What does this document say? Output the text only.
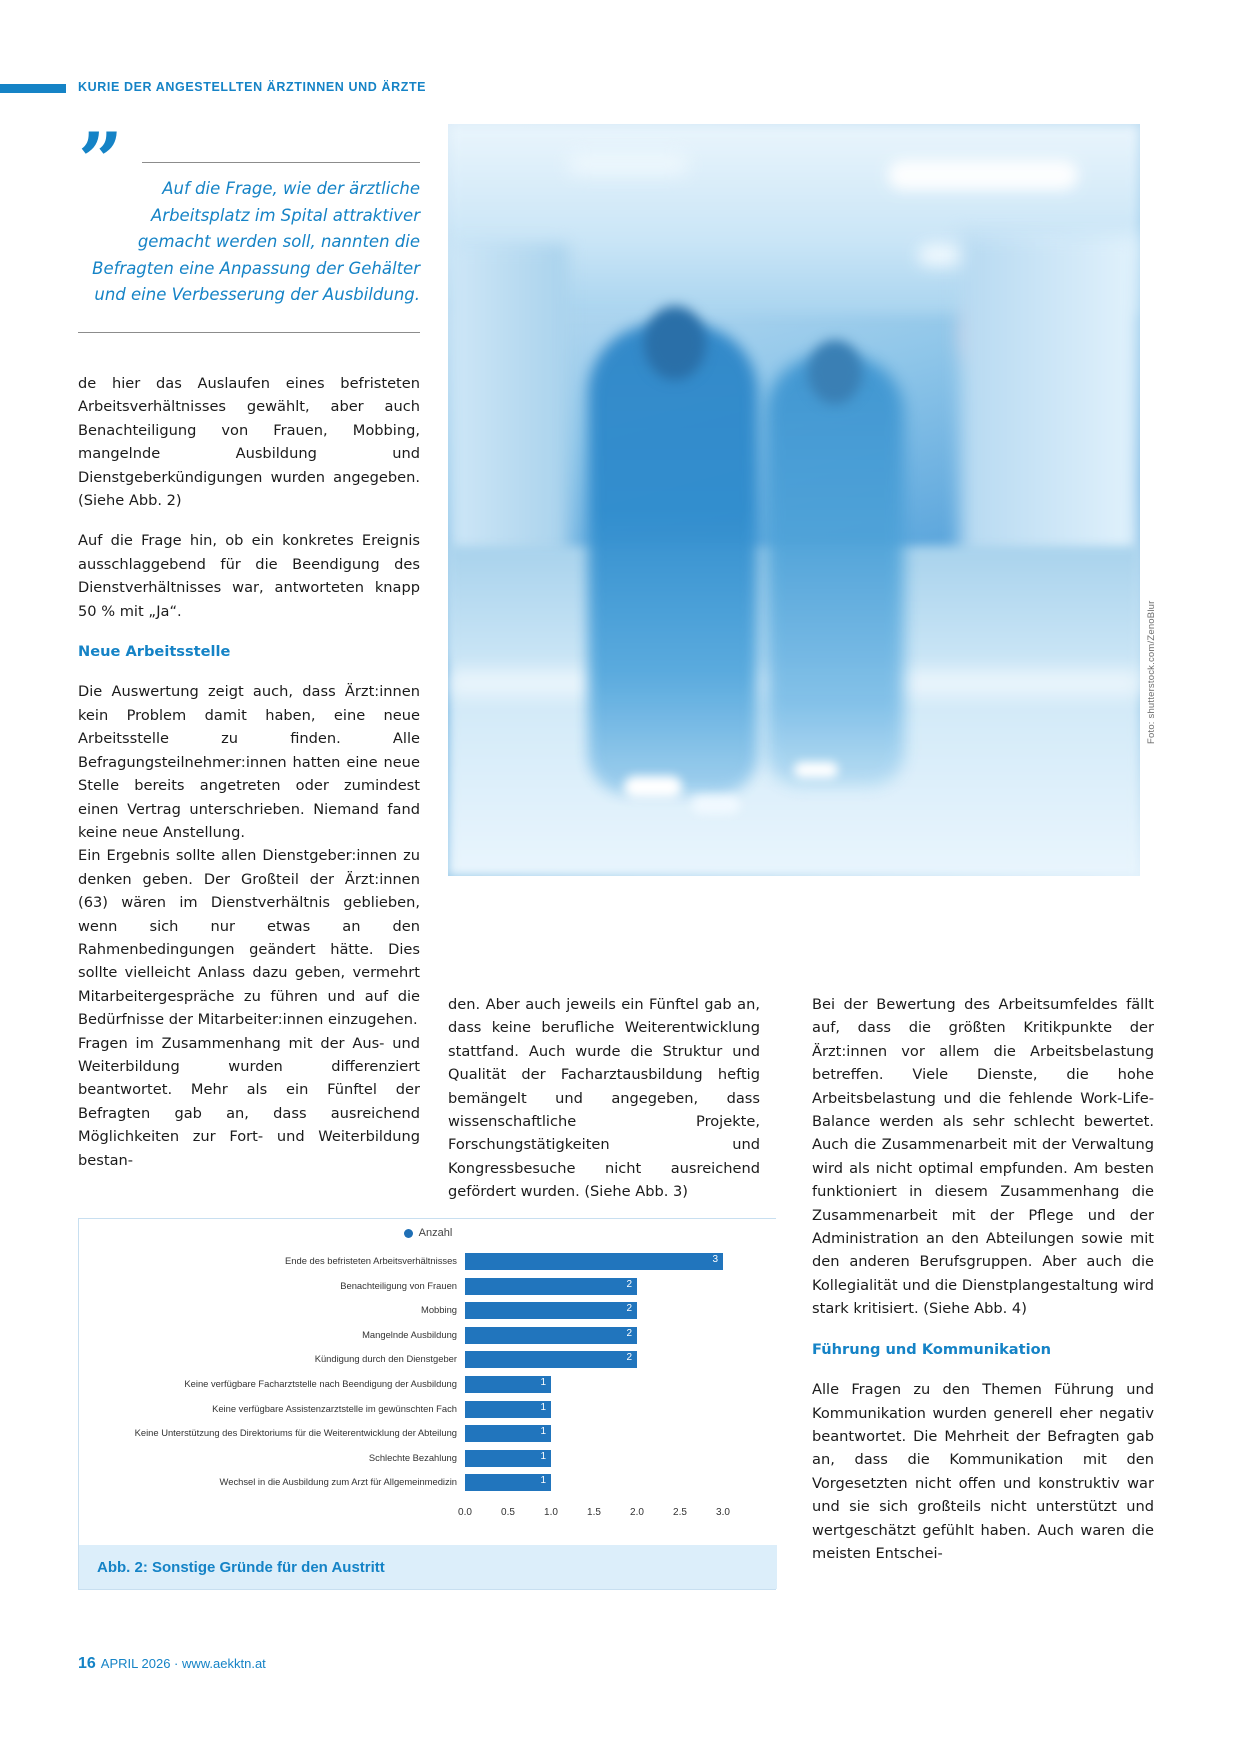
KURIE DER ANGESTELLTEN ÄRZTINNEN UND ÄRZTE
”	Auf die Frage, wie der ärztliche Arbeitsplatz im Spital attraktiver gemacht werden soll, nannten die Befragten eine Anpassung der Gehälter und eine Verbesserung der Ausbildung.
Foto: shutterstock.com/ZenoBlur

de hier das Auslaufen eines befristeten Arbeitsverhältnisses gewählt, aber auch Benachteiligung von Frauen, Mobbing, mangelnde Ausbildung und Dienstgeberkündigungen wurden angegeben. (Siehe Abb. 2)

Auf die Frage hin, ob ein konkretes Ereignis ausschlaggebend für die Beendigung des Dienstverhältnisses war, antworteten knapp 50 % mit „Ja“.

Neue Arbeitsstelle

Die Auswertung zeigt auch, dass Ärzt:innen kein Problem damit haben, eine neue Arbeitsstelle zu finden. Alle Befragungsteilnehmer:innen hatten eine neue Stelle bereits angetreten oder zumindest einen Vertrag unterschrieben. Niemand fand keine neue Anstellung.

Ein Ergebnis sollte allen Dienstgeber:innen zu denken geben. Der Großteil der Ärzt:innen (63) wären im Dienstverhältnis geblieben, wenn sich nur etwas an den Rahmenbedingungen geändert hätte. Dies sollte vielleicht Anlass dazu geben, vermehrt Mitarbeitergespräche zu führen und auf die Bedürfnisse der Mitarbeiter:innen einzugehen.

Fragen im Zusammenhang mit der Aus- und Weiterbildung wurden differenziert beantwortet. Mehr als ein Fünftel der Befragten gab an, dass ausreichend Möglichkeiten zur Fort- und Weiterbildung bestan-

den. Aber auch jeweils ein Fünftel gab an, dass keine berufliche Weiterentwicklung stattfand. Auch wurde die Struktur und Qualität der Facharztausbildung heftig bemängelt und angegeben, dass wissenschaftliche Projekte, Forschungstätigkeiten und Kongressbesuche nicht ausreichend gefördert wurden. (Siehe Abb. 3)

Bei der Bewertung des Arbeitsumfeldes fällt auf, dass die größten Kritikpunkte der Ärzt:innen vor allem die Arbeitsbelastung betreffen. Viele Dienste, die hohe Arbeitsbelastung und die fehlende Work-Life-Balance werden als sehr schlecht bewertet. Auch die Zusammenarbeit mit der Verwaltung wird als nicht optimal empfunden. Am besten funktioniert in diesem Zusammenhang die Zusammenarbeit mit der Pflege und der Administration an den Abteilungen sowie mit den anderen Berufsgruppen. Aber auch die Kollegialität und die Dienstplangestaltung wird stark kritisiert. (Siehe Abb. 4)

Führung und Kommunikation

Alle Fragen zu den Themen Führung und Kommunikation wurden generell eher negativ beantwortet. Die Mehrheit der Befragten gab an, dass die Kommunikation mit den Vorgesetzten nicht offen und konstruktiv war und sie sich großteils nicht unterstützt und wertgeschätzt gefühlt haben. Auch waren die meisten Entschei-

Anzahl
Ende des befristeten Arbeitsverhältnisses	3
Benachteiligung von Frauen	2
Mobbing	2
Mangelnde Ausbildung	2
Kündigung durch den Dienstgeber	2
Keine verfügbare Facharztstelle nach Beendigung der Ausbildung	1
Keine verfügbare Assistenzarztstelle im gewünschten Fach	1
Keine Unterstützung des Direktoriums für die Weiterentwicklung der Abteilung	1
Schlechte Bezahlung	1
Wechsel in die Ausbildung zum Arzt für Allgemeinmedizin	1
0.0	0.5	1.0	1.5	2.0	2.5	3.0
Abb. 2: Sonstige Gründe für den Austritt
16 APRIL 2026 · www.aekktn.at
